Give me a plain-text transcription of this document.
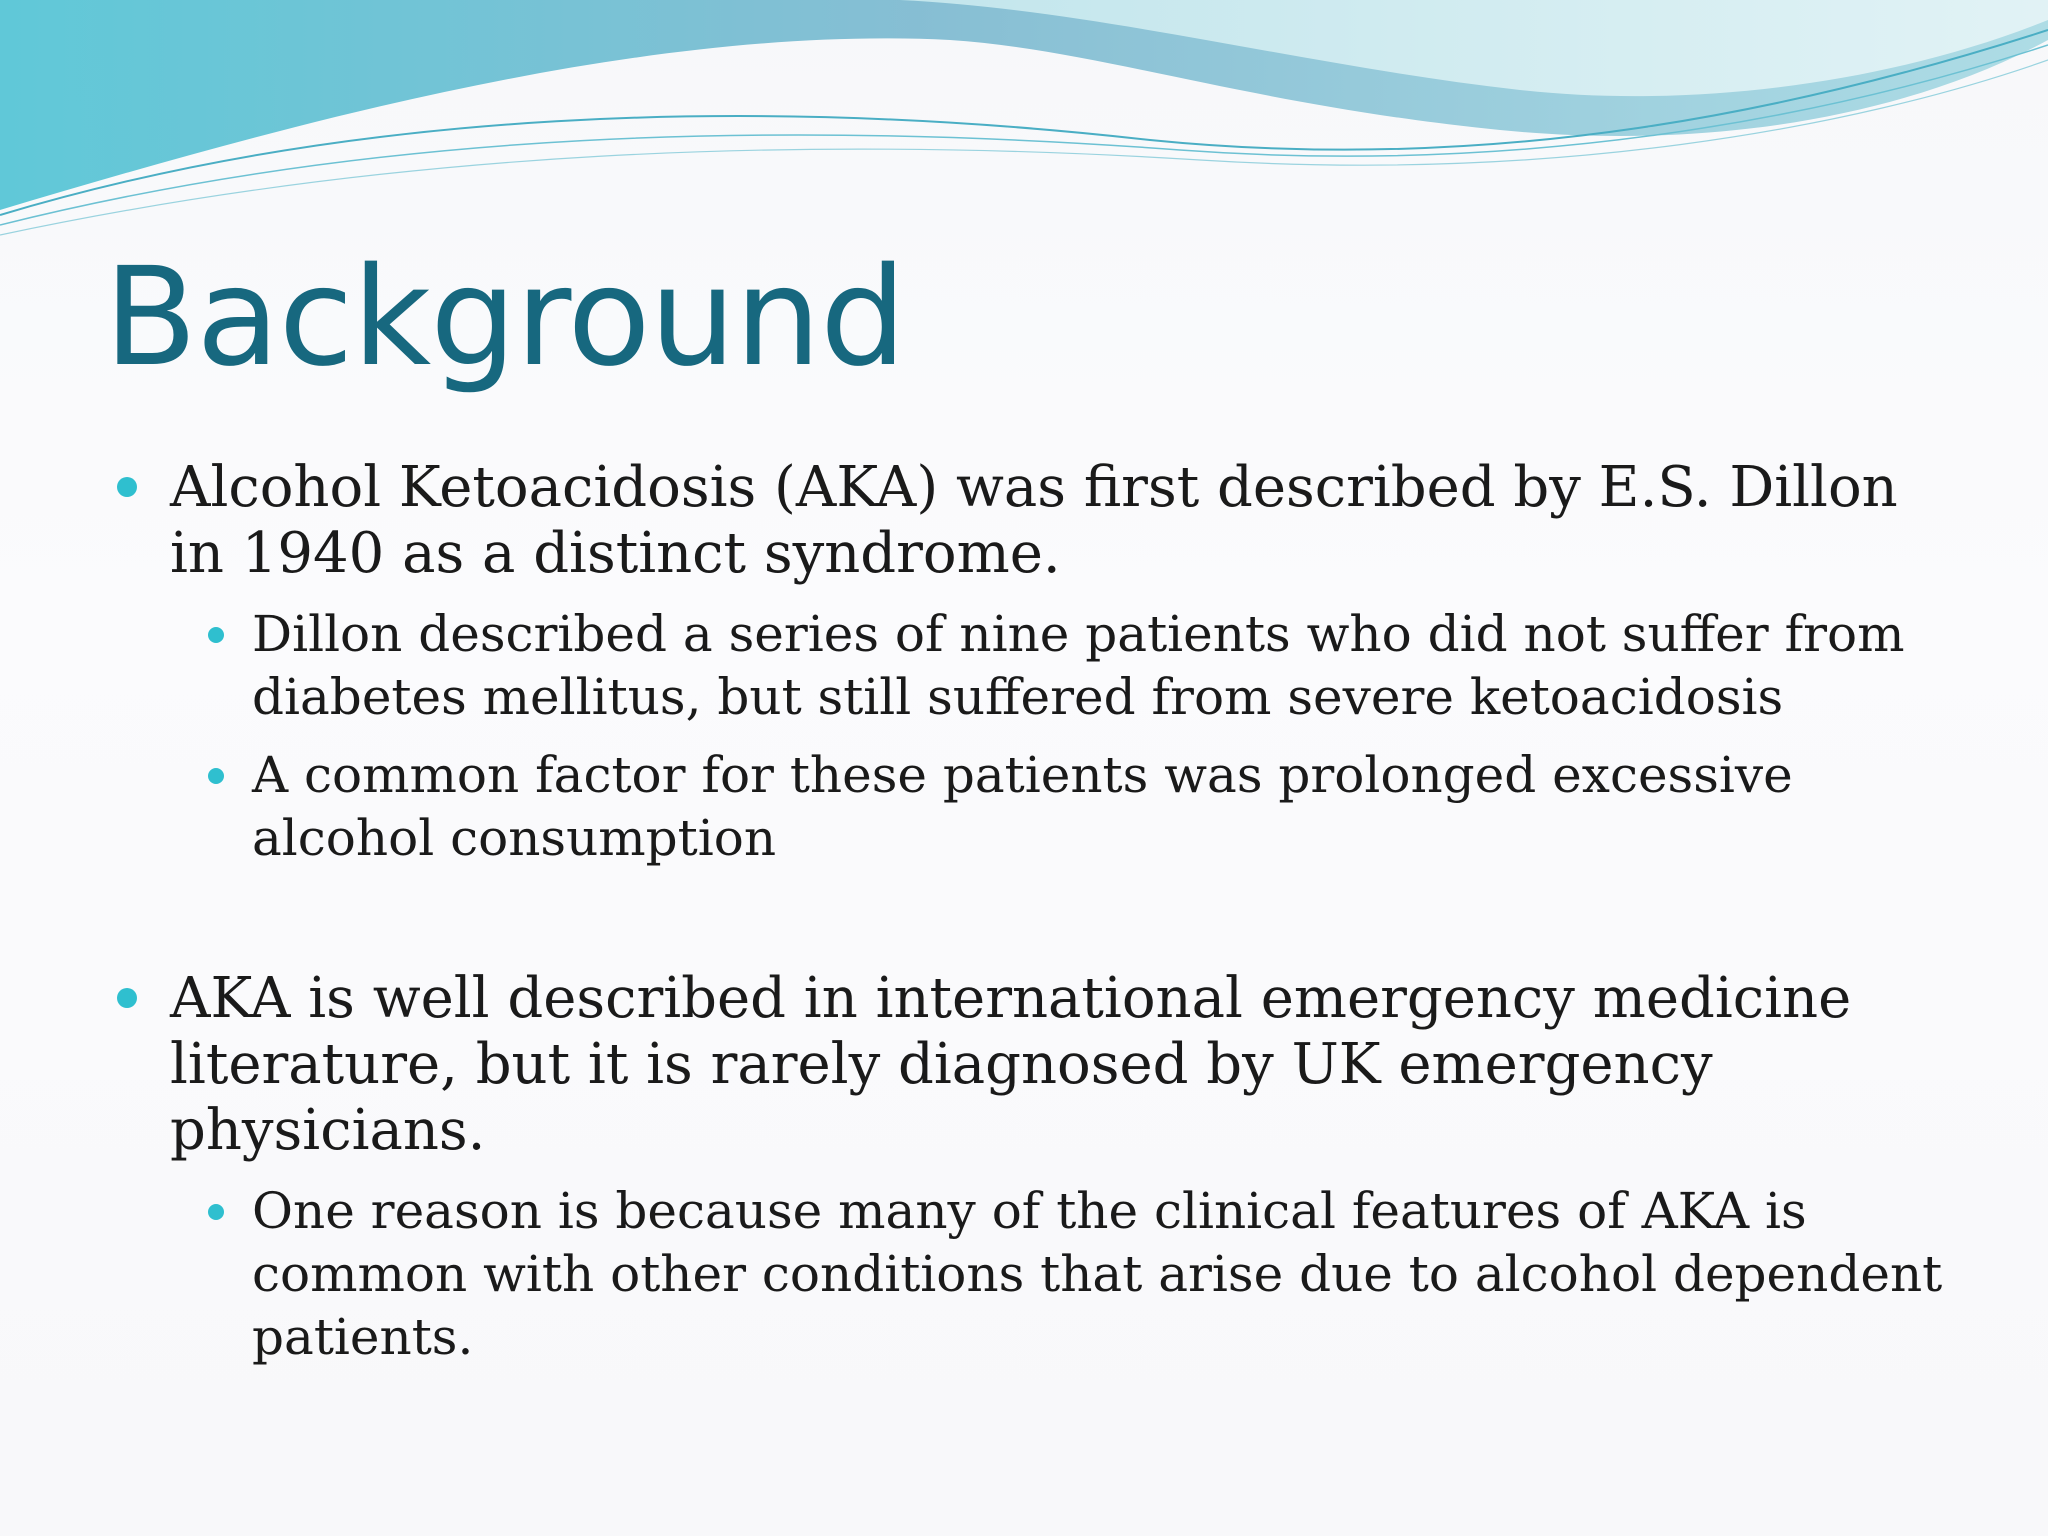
Background

Alcohol Ketoacidosis (AKA) was first described by E.S. Dillon in 1940 as a distinct syndrome.

Dillon described a series of nine patients who did not suffer from diabetes mellitus, but still suffered from severe ketoacidosis

A common factor for these patients was prolonged excessive alcohol consumption

AKA is well described in international emergency medicine literature, but it is rarely diagnosed by UK emergency physicians.

One reason is because many of the clinical features of AKA is common with other conditions that arise due to alcohol dependent patients.
